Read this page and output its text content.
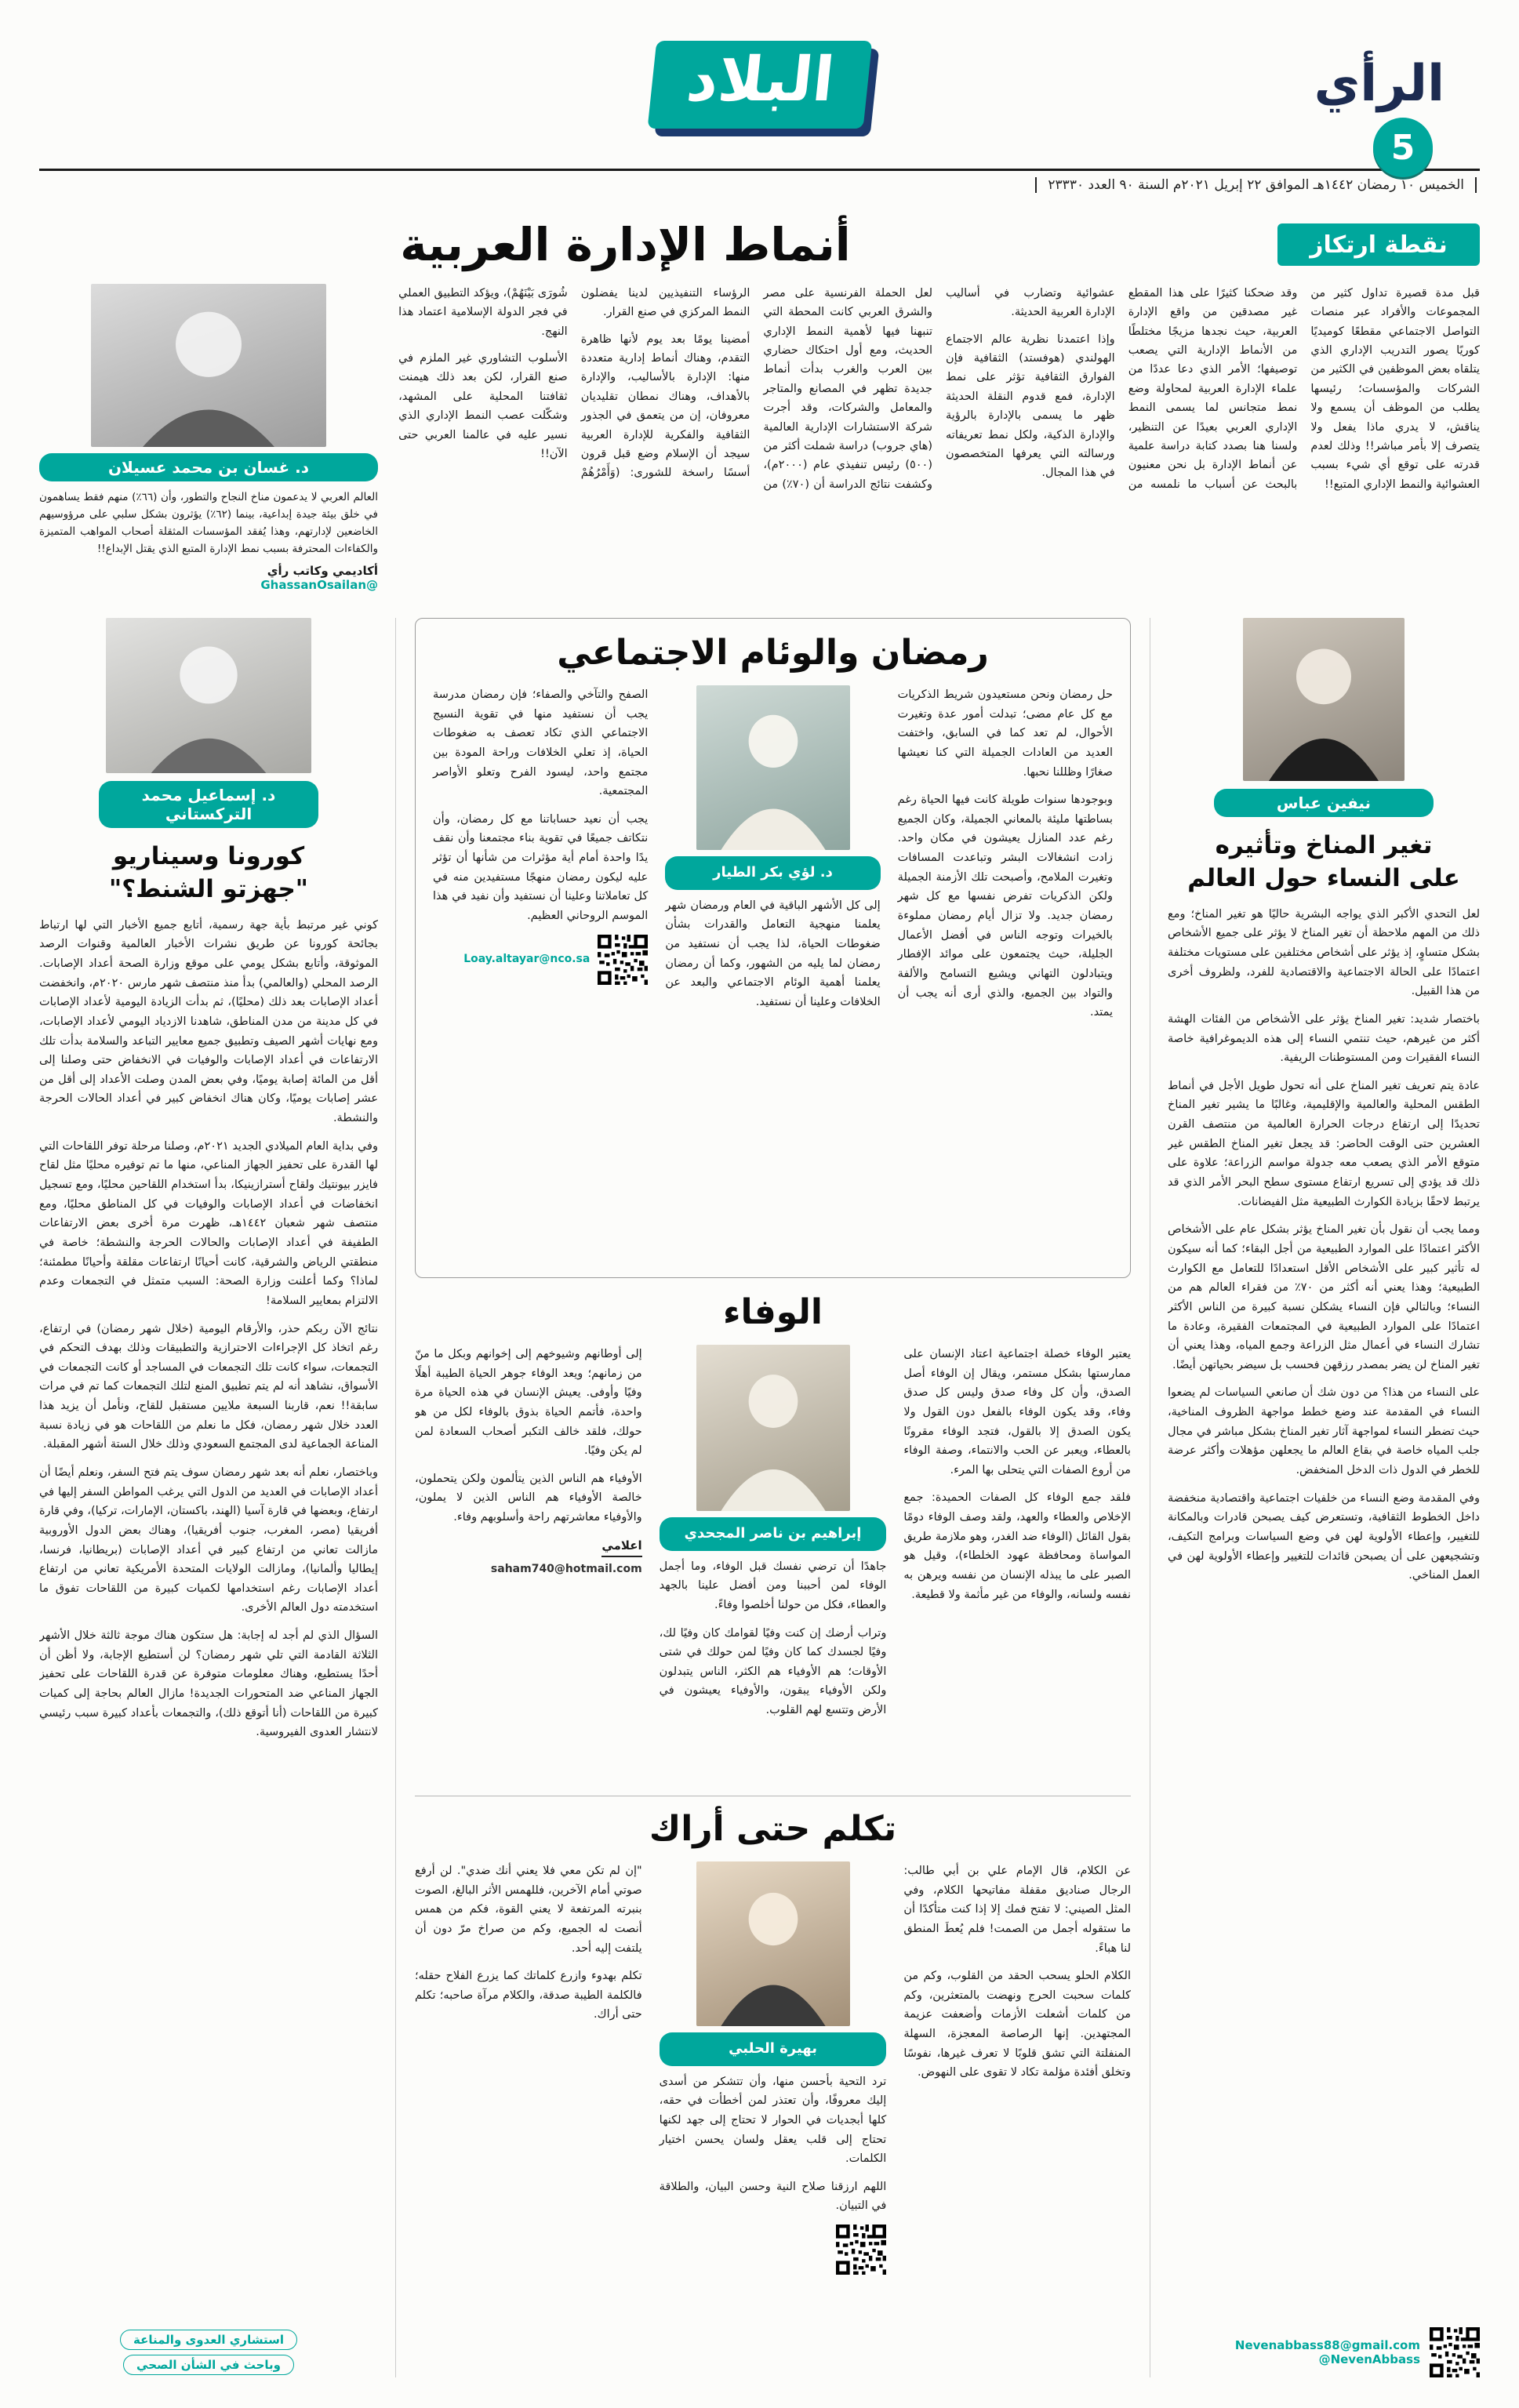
الرأي
5
البلاد
الخميس ١٠ رمضان ١٤٤٢هـ الموافق ٢٢ إبريل ٢٠٢١م السنة ٩٠ العدد ٢٣٣٣٠
نقطة ارتكاز
أنماط الإدارة العربية

قبل مدة قصيرة تداول كثير من المجموعات والأفراد عبر منصات التواصل الاجتماعي مقطعًا كوميديًا كوريًا يصور التدريب الإداري الذي يتلقاه بعض الموظفين في الكثير من الشركات والمؤسسات؛ رئيسها يطلب من الموظف أن يسمع ولا يناقش، لا يدري ماذا يفعل ولا يتصرف إلا بأمر مباشر!! وذلك لعدم قدرته على توقع أي شيء بسبب العشوائية والنمط الإداري المتبع!!

وقد ضحكنا كثيرًا على هذا المقطع غير مصدقين من واقع الإدارة العربية، حيث نجدها مزيجًا مختلطًا من الأنماط الإدارية التي يصعب توصيفها؛ الأمر الذي دعا عددًا من علماء الإدارة العربية لمحاولة وضع نمط متجانس لما يسمى النمط الإداري العربي بعيدًا عن التنظير، ولسنا هنا بصدد كتابة دراسة علمية عن أنماط الإدارة بل نحن معنيون بالبحث عن أسباب ما نلمسه من عشوائية وتضارب في أساليب الإدارة العربية الحديثة.

وإذا اعتمدنا نظرية عالم الاجتماع الهولندي (هوفستد) الثقافية فإن الفوارق الثقافية تؤثر على نمط الإدارة، فمع قدوم النقلة الحديثة ظهر ما يسمى بالإدارة بالرؤية والإدارة الذكية، ولكل نمط تعريفاته ورسالته التي يعرفها المتخصصون في هذا المجال.

لعل الحملة الفرنسية على مصر والشرق العربي كانت المحطة التي تنبهنا فيها لأهمية النمط الإداري الحديث، ومع أول احتكاك حضاري بين العرب والغرب بدأت أنماط جديدة تظهر في المصانع والمتاجر والمعامل والشركات، وقد أجرت شركة الاستشارات الإدارية العالمية (هاي جروب) دراسة شملت أكثر من (٥٠٠) رئيس تنفيذي عام (٢٠٠٠م)، وكشفت نتائج الدراسة أن (٧٠٪) من الرؤساء التنفيذيين لدينا يفضلون النمط المركزي في صنع القرار.

أمضينا يومًا بعد يوم لأنها ظاهرة التقدم، وهناك أنماط إدارية متعددة منها: الإدارة بالأساليب، والإدارة بالأهداف، وهناك نمطان تقليديان معروفان، إن من يتعمق في الجذور الثقافية والفكرية للإدارة العربية سيجد أن الإسلام وضع قبل قرون أسسًا راسخة للشورى: (وَأَمْرُهُمْ شُورَى بَيْنَهُمْ)، ويؤكد التطبيق العملي في فجر الدولة الإسلامية اعتماد هذا النهج.

الأسلوب التشاوري غير الملزم في صنع القرار، لكن بعد ذلك هيمنت ثقافتنا المحلية على المشهد، وشكّلت عصب النمط الإداري الذي نسير عليه في عالمنا العربي حتى الآن!!

د. غسان بن محمد عسيلان
العالم العربي لا يدعمون مناخ النجاح والتطور، وأن (٦٦٪) منهم فقط يساهمون في خلق بيئة جيدة إبداعية، بينما (٦٢٪) يؤثرون بشكل سلبي على مرؤوسيهم الخاضعين لإدارتهم، وهذا يُفقد المؤسسات المثقلة أصحاب المواهب المتميزة والكفاءات المحترفة بسبب نمط الإدارة المتبع الذي يقتل الإبداع!!
أكاديمي وكاتب رأي
@GhassanOsailan
نيفين عباس
تغير المناخ وتأثيره
على النساء حول العالم

لعل التحدي الأكبر الذي يواجه البشرية حاليًا هو تغير المناخ؛ ومع ذلك من المهم ملاحظة أن تغير المناخ لا يؤثر على جميع الأشخاص بشكل متساوٍ، إذ يؤثر على أشخاص مختلفين على مستويات مختلفة اعتمادًا على الحالة الاجتماعية والاقتصادية للفرد، ولظروف أخرى من هذا القبيل.

باختصار شديد: تغير المناخ يؤثر على الأشخاص من الفئات الهشة أكثر من غيرهم، حيث تنتمي النساء إلى هذه الديموغرافية خاصة النساء الفقيرات ومن المستوطنات الريفية.

عادة يتم تعريف تغير المناخ على أنه تحول طويل الأجل في أنماط الطقس المحلية والعالمية والإقليمية، وغالبًا ما يشير تغير المناخ تحديدًا إلى ارتفاع درجات الحرارة العالمية من منتصف القرن العشرين حتى الوقت الحاضر: قد يجعل تغير المناخ الطقس غير متوقع الأمر الذي يصعب معه جدولة مواسم الزراعة؛ علاوة على ذلك قد يؤدي إلى تسريع ارتفاع مستوى سطح البحر الأمر الذي قد يرتبط لاحقًا بزيادة الكوارث الطبيعية مثل الفيضانات.

ومما يجب أن نقول بأن تغير المناخ يؤثر بشكل عام على الأشخاص الأكثر اعتمادًا على الموارد الطبيعية من أجل البقاء؛ كما أنه سيكون له تأثير كبير على الأشخاص الأقل استعدادًا للتعامل مع الكوارث الطبيعية؛ وهذا يعني أنه أكثر من ٧٠٪ من فقراء العالم هم من النساء؛ وبالتالي فإن النساء يشكلن نسبة كبيرة من الناس الأكثر اعتمادًا على الموارد الطبيعية في المجتمعات الفقيرة، وعادة ما تشارك النساء في أعمال مثل الزراعة وجمع المياه، وهذا يعني أن تغير المناخ لن يضر بمصدر رزقهن فحسب بل سيضر بحياتهن أيضًا.

على النساء من هذا؟ من دون شك أن صانعي السياسات لم يضعوا النساء في المقدمة عند وضع خطط مواجهة الظروف المناخية، حيث تضطر النساء لمواجهة آثار تغير المناخ بشكل مباشر في مجال جلب المياه خاصة في بقاع العالم ما يجعلهن مؤهلات وأكثر عرضة للخطر في الدول ذات الدخل المنخفض.

وفي المقدمة وضع النساء من خلفيات اجتماعية واقتصادية منخفضة داخل الخطوط الثقافية، وتستعرض كيف يصبحن قادرات وبالمكانة للتغيير، وإعطاء الأولوية لهن في وضع السياسات وبرامج التكيف، وتشجيعهن على أن يصبحن قائدات للتغيير وإعطاء الأولوية لهن في العمل المناخي.

Nevenabbass88@gmail.com
@NevenAbbass
رمضان والوئام الاجتماعي

حل رمضان ونحن مستعيدون شريط الذكريات مع كل عام مضى؛ تبدلت أمور عدة وتغيرت الأحوال، لم تعد كما في السابق، واختفت العديد من العادات الجميلة التي كنا نعيشها صغارًا وظللنا نحبها.

وبوجودها سنوات طويلة كانت فيها الحياة رغم بساطتها مليئة بالمعاني الجميلة، وكان الجميع رغم عدد المنازل يعيشون في مكان واحد. زادت انشغالات البشر وتباعدت المسافات وتغيرت الملامح، وأصبحت تلك الأزمنة الجميلة ولكن الذكريات تفرض نفسها مع كل شهر رمضان جديد. ولا تزال أيام رمضان مملوءة بالخيرات وتوجه الناس في أفضل الأعمال الجليلة، حيث يجتمعون على موائد الإفطار ويتبادلون التهاني ويشيع التسامح والألفة والتواد بين الجميع، والذي أرى أنه يجب أن يمتد.

د. لؤي بكر الطيار

إلى كل الأشهر الباقية في العام ورمضان شهر يعلمنا منهجية التعامل والقدرات بشأن ضغوطات الحياة، لذا يجب أن نستفيد من رمضان لما يليه من الشهور، وكما أن رمضان يعلمنا أهمية الوئام الاجتماعي والبعد عن الخلافات وعلينا أن نستفيد.

الصفح والتآخي والصفاء؛ فإن رمضان مدرسة يجب أن نستفيد منها في تقوية النسيج الاجتماعي الذي تكاد تعصف به ضغوطات الحياة، إذ تعلي الخلافات وراحة المودة بين مجتمع واحد، ليسود الفرح وتعلو الأواصر المجتمعية.

يجب أن نعيد حساباتنا مع كل رمضان، وأن نتكاتف جميعًا في تقوية بناء مجتمعنا وأن نقف يدًا واحدة أمام أية مؤثرات من شأنها أن تؤثر عليه ليكون رمضان منهجًا مستفيدين منه في كل تعاملاتنا وعلينا أن نستفيد وأن نفيد في هذا الموسم الروحاني العظيم.

Loay.altayar@nco.sa
الوفاء

يعتبر الوفاء خصلة اجتماعية اعتاد الإنسان على ممارستها بشكل مستمر، ويقال إن الوفاء أصل الصدق، وأن كل وفاء صدق وليس كل صدق وفاء، وقد يكون الوفاء بالفعل دون القول ولا يكون الصدق إلا بالقول، فتجد الوفاء مقرونًا بالعطاء، ويعبر عن الحب والانتماء، وصفة الوفاء من أروع الصفات التي يتحلى بها المرء.

فلقد جمع الوفاء كل الصفات الحميدة: جمع الإخلاص والعطاء والعهد، ولقد وصف الوفاء دومًا بقول القائل (الوفاء ضد الغدر، وهو ملازمة طريق المواساة ومحافظة عهود الخلطاء)، وقيل هو الصبر على ما يبذله الإنسان من نفسه ويرهن به نفسه ولسانه، والوفاء من غير مأثمة ولا قطيعة.

إبراهيم بن ناصر المجحدي

جاهدًا أن ترضي نفسك قبل الوفاء، وما أجمل الوفاء لمن أحببنا ومن أفضل علينا بالجهد والعطاء، فكل من حولنا أخلصوا وفاءً.

وتراب أرضك إن كنت وفيًا لقوامك كان وفيًا لك، وفيًا لجسدك كما كان وفيًا لمن حولك في شتى الأوقات؛ هم الأوفياء هم الكثر، الناس يتبدلون ولكن الأوفياء يبقون، والأوفياء يعيشون في الأرض وتتسع لهم القلوب.

إلى أوطانهم وشيوخهم إلى إخوانهم وبكل ما منّ من زمانهم؛ ويعد الوفاء جوهر الحياة الطيبة أهلًا وفيًا وأوفى. يعيش الإنسان في هذه الحياة مرة واحدة، فأتمم الحياة بذوق بالوفاء لكل من هو حولك، فلقد خالف التكبر أصحاب السعادة لمن لم يكن وفيًا.

الأوفياء هم الناس الذين يتألمون ولكن يتحملون، خالصة الأوفياء هم الناس الذين لا يملون، والأوفياء معاشرتهم راحة وأسلوبهم وفاء.

اعلامي
saham740@hotmail.com
تكلم حتى أراك

عن الكلام، قال الإمام علي بن أبي طالب: الرجال صناديق مقفلة مفاتيحها الكلام، وفي المثل الصيني: لا تفتح فمك إلا إذا كنت متأكدًا أن ما ستقوله أجمل من الصمت! فلم يُعطَ المنطق لنا هباءً.

الكلام الحلو يسحب الحقد من القلوب، وكم من كلمات سحبت الحرج ونهضت بالمتعثرين، وكم من كلمات أشعلت الأزمات وأضعفت عزيمة المجتهدين. إنها الرصاصة المعجزة، السهلة المنفلتة التي تشق قلوبًا لا تعرف غيرها، نفوسًا وتخلق أفئدة مؤلمة تكاد لا تقوى على النهوض.

بهيرة الحلبي

ترد التحية بأحسن منها، وأن تتشكر من أسدى إليك معروفًا، وأن تعتذر لمن أخطأت في حقه، كلها أبجديات في الحوار لا تحتاج إلى جهد لكنها تحتاج إلى قلب يعقل ولسان يحسن اختيار الكلمات.

اللهم ارزقنا صلاح النية وحسن البيان، والطلاقة في التبيان.

"إن لم تكن معي فلا يعني أنك ضدي". لن أرفع صوتي أمام الآخرين، فللهمس الأثر البالغ، الصوت بنبرته المرتفعة لا يعني القوة، فكم من همس أنصت له الجميع، وكم من صراخ مرّ دون أن يلتفت إليه أحد.

تكلم بهدوء وازرع كلماتك كما يزرع الفلاح حقله؛ فالكلمة الطيبة صدقة، والكلام مرآة صاحبه؛ تكلم حتى أراك.

د. إسماعيل محمد التركستاني
كورونا وسيناريو
"جهزتو الشنط؟"

كوني غير مرتبط بأية جهة رسمية، أتابع جميع الأخبار التي لها ارتباط بجائحة كورونا عن طريق نشرات الأخبار العالمية وقنوات الرصد الموثوقة، وأتابع بشكل يومي على موقع وزارة الصحة أعداد الإصابات. الرصد المحلي (والعالمي) بدأ منذ منتصف شهر مارس ٢٠٢٠م، وانخفضت أعداد الإصابات بعد ذلك (محليًا)، ثم بدأت الزيادة اليومية لأعداد الإصابات في كل مدينة من مدن المناطق، شاهدنا الازدياد اليومي لأعداد الإصابات، ومع نهايات أشهر الصيف وتطبيق جميع معايير التباعد والسلامة بدأت تلك الارتفاعات في أعداد الإصابات والوفيات في الانخفاض حتى وصلنا إلى أقل من المائة إصابة يوميًا، وفي بعض المدن وصلت الأعداد إلى أقل من عشر إصابات يوميًا، وكان هناك انخفاض كبير في أعداد الحالات الحرجة والنشطة.

وفي بداية العام الميلادي الجديد ٢٠٢١م، وصلنا مرحلة توفر اللقاحات التي لها القدرة على تحفيز الجهاز المناعي، منها ما تم توفيره محليًا مثل لقاح فايزر بيونتيك ولقاح أسترازينيكا، بدأ استخدام اللقاحين محليًا، ومع تسجيل انخفاضات في أعداد الإصابات والوفيات في كل المناطق محليًا، ومع منتصف شهر شعبان ١٤٤٢هـ، ظهرت مرة أخرى بعض الارتفاعات الطفيفة في أعداد الإصابات والحالات الحرجة والنشطة؛ خاصة في منطقتي الرياض والشرقية، كانت أحيانًا ارتفاعات مقلقة وأحيانًا مطمئنة؛ لماذا؟ وكما أعلنت وزارة الصحة: السبب متمثل في التجمعات وعدم الالتزام بمعايير السلامة!

نتائج الآن ربكم حذر، والأرقام اليومية (خلال شهر رمضان) في ارتفاع، رغم اتخاذ كل الإجراءات الاحترازية والتطبيقات وذلك بهدف التحكم في التجمعات، سواء كانت تلك التجمعات في المساجد أو كانت التجمعات في الأسواق، نشاهد أنه لم يتم تطبيق المنع لتلك التجمعات كما تم في مرات سابقة!! نعم، قاربنا السبعة ملايين مستقبل للقاح، ونأمل أن يزيد هذا العدد خلال شهر رمضان، فكل ما نعلم من اللقاحات هو في زيادة نسبة المناعة الجماعية لدى المجتمع السعودي وذلك خلال الستة أشهر المقبلة.

وباختصار، نعلم أنه بعد شهر رمضان سوف يتم فتح السفر، ونعلم أيضًا أن أعداد الإصابات في العديد من الدول التي يرغب المواطن السفر إليها في ارتفاع، وبعضها في قارة آسيا (الهند، باكستان، الإمارات، تركيا)، وفي قارة أفريقيا (مصر، المغرب، جنوب أفريقيا)، وهناك بعض الدول الأوروبية مازالت تعاني من ارتفاع كبير في أعداد الإصابات (بريطانيا، فرنسا، إيطاليا وألمانيا)، ومازالت الولايات المتحدة الأمريكية تعاني من ارتفاع أعداد الإصابات رغم استخدامها لكميات كبيرة من اللقاحات تفوق ما استخدمته دول العالم الأخرى.

السؤال الذي لم أجد له إجابة: هل ستكون هناك موجة ثالثة خلال الأشهر الثلاثة القادمة التي تلي شهر رمضان؟ لن أستطيع الإجابة، ولا أظن أن أحدًا يستطيع، وهناك معلومات متوفرة عن قدرة اللقاحات على تحفيز الجهاز المناعي ضد المتحورات الجديدة! مازال العالم بحاجة إلى كميات كبيرة من اللقاحات (أنا أتوقع ذلك)، والتجمعات بأعداد كبيرة سبب رئيسي لانتشار العدوى الفيروسية.

استشاري العدوى والمناعة وباحث في الشأن الصحي
